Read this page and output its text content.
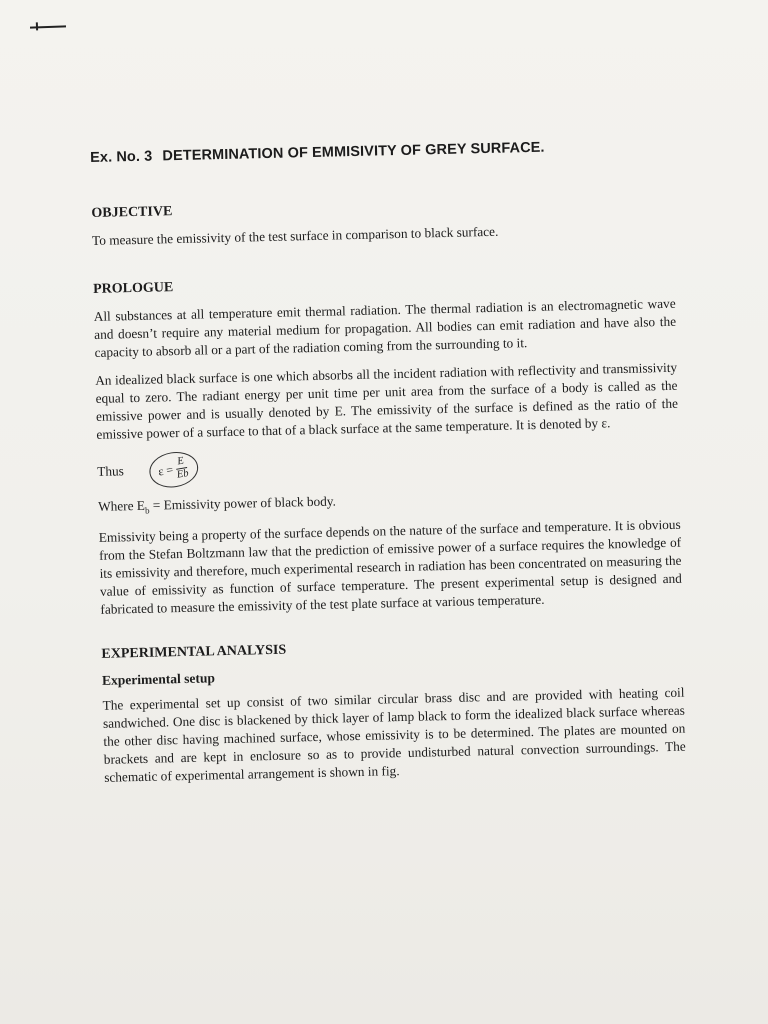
Ex. No. 3 DETERMINATION OF EMMISIVITY OF GREY SURFACE.
OBJECTIVE

To measure the emissivity of the test surface in comparison to black surface.

PROLOGUE

All substances at all temperature emit thermal radiation. The thermal radiation is an electromagnetic wave and doesn’t require any material medium for propagation. All bodies can emit radiation and have also the capacity to absorb all or a part of the radiation coming from the surrounding to it.

An idealized black surface is one which absorbs all the incident radiation with reflectivity and transmissivity equal to zero. The radiant energy per unit time per unit area from the surface of a body is called as the emissive power and is usually denoted by E. The emissivity of the surface is defined as the ratio of the emissive power of a surface to that of a black surface at the same temperature. It is denoted by ε.

Thus	$\varepsilon = \frac{E}{Eb}$
Where $E_b$ = Emissivity power of black body.

Emissivity being a property of the surface depends on the nature of the surface and temperature. It is obvious from the Stefan Boltzmann law that the prediction of emissive power of a surface requires the knowledge of its emissivity and therefore, much experimental research in radiation has been concentrated on measuring the value of emissivity as function of surface temperature. The present experimental setup is designed and fabricated to measure the emissivity of the test plate surface at various temperature.

EXPERIMENTAL ANALYSIS
Experimental setup

The experimental set up consist of two similar circular brass disc and are provided with heating coil sandwiched. One disc is blackened by thick layer of lamp black to form the idealized black surface whereas the other disc having machined surface, whose emissivity is to be determined. The plates are mounted on brackets and are kept in enclosure so as to provide undisturbed natural convection surroundings. The schematic of experimental arrangement is shown in fig.
